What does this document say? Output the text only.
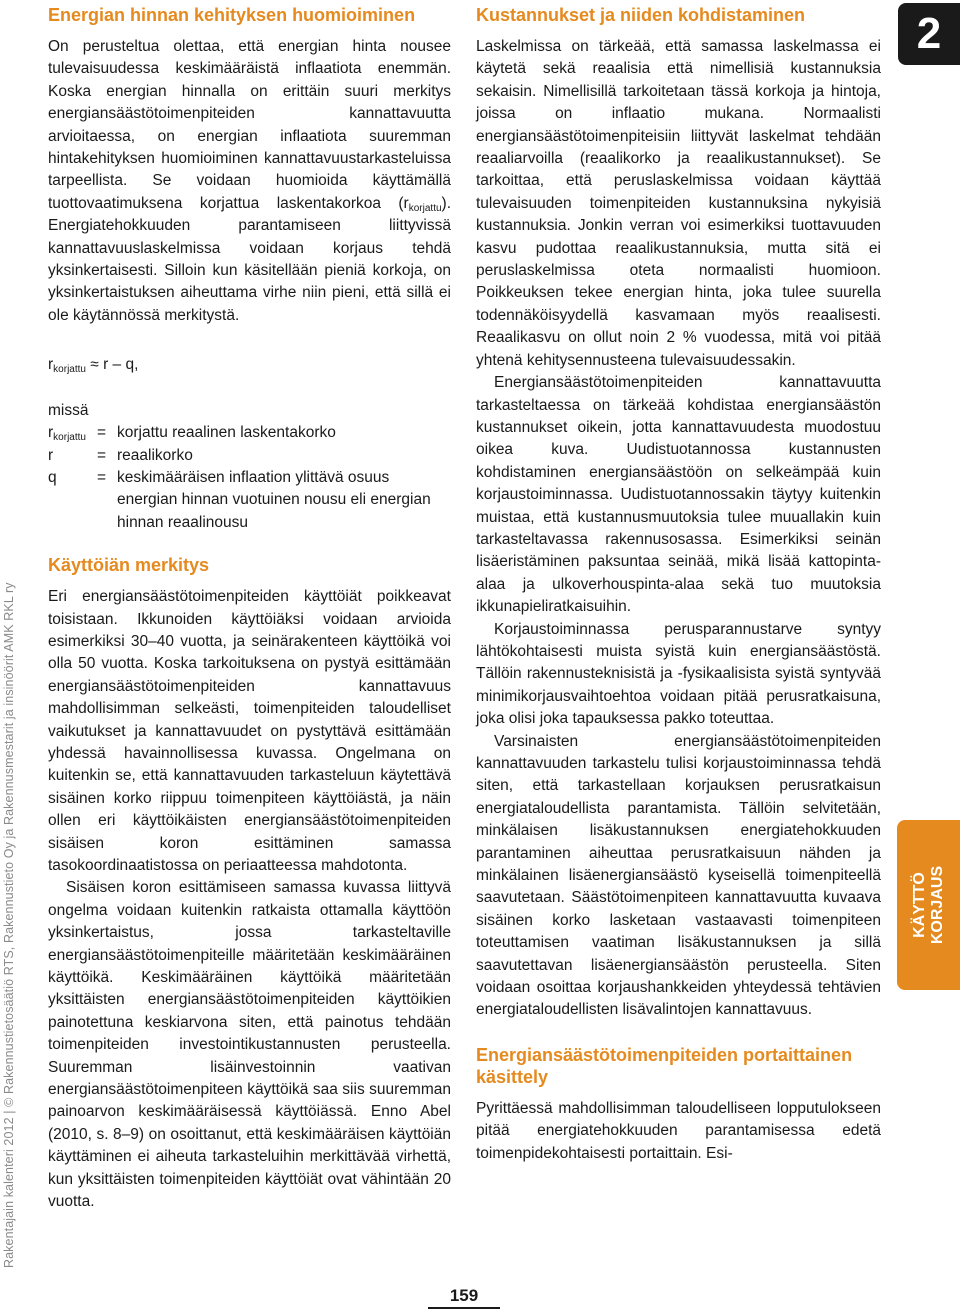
Rakentajain kalenteri 2012 | © Rakennustietosäätiö RTS, Rakennustieto Oy ja Rakennusmestarit ja insinöörit AMK RKL ry
2
KÄYTTÖ KORJAUS
Energian hinnan kehityksen huomioiminen

On perusteltua olettaa, että energian hinta nousee tulevaisuudessa keskimääräistä inflaatiota enemmän. Koska energian hinnalla on erittäin suuri merkitys energiansäästötoimenpiteiden kannattavuutta arvioitaessa, on energian inflaatiota suuremman hintakehityksen huomioiminen kannattavuustarkasteluissa tarpeellista. Se voidaan huomioida käyttämällä tuottovaatimuksena korjattua laskentakorkoa $(r_{korjattu})$. Energiatehokkuuden parantamiseen liittyvissä kannattavuuslaskelmissa voidaan korjaus tehdä yksinkertaisesti. Silloin kun käsitellään pieniä korkoja, on yksinkertaistuksen aiheuttama virhe niin pieni, että sillä ei ole käytännössä merkitystä.

$r_{korjattu} \approx r - q$,
missä
$r_{korjattu}$ = korjattu reaalinen laskentakorko
r	= reaalikorko
q	= keskimääräisen inflaation ylittävä osuus energian hinnan vuotuinen nousu eli energian hinnan reaalinousu
Käyttöiän merkitys

Eri energiansäästötoimenpiteiden käyttöiät poikkeavat toisistaan. Ikkunoiden käyttöiäksi voidaan arvioida esimerkiksi 30–40 vuotta, ja seinärakenteen käyttöikä voi olla 50 vuotta. Koska tarkoituksena on pystyä esittämään energiansäästötoimenpiteiden kannattavuus mahdollisimman selkeästi, toimenpiteiden taloudelliset vaikutukset ja kannattavuudet on pystyttävä esittämään yhdessä havainnollisessa kuvassa. Ongelmana on kuitenkin se, että kannattavuuden tarkasteluun käytettävä sisäinen korko riippuu toimenpiteen käyttöiästä, ja näin ollen eri käyttöikäisten energiansäästötoimenpiteiden sisäisen koron esittäminen samassa tasokoordinaatistossa on periaatteessa mahdotonta.

Sisäisen koron esittämiseen samassa kuvassa liittyvä ongelma voidaan kuitenkin ratkaista ottamalla käyttöön yksinkertaistus, jossa tarkasteltaville energiansäästötoimenpiteille määritetään keskimääräinen käyttöikä. Keskimääräinen käyttöikä määritetään yksittäisten energiansäästötoimenpiteiden käyttöikien painotettuna keskiarvona siten, että painotus tehdään toimenpiteiden investointikustannusten perusteella. Suuremman lisäinvestoinnin vaativan energiansäästötoimenpiteen käyttöikä saa siis suuremman painoarvon keskimääräisessä käyttöiässä. Enno Abel (2010, s. 8–9) on osoittanut, että keskimääräisen käyttöiän käyttäminen ei aiheuta tarkasteluihin merkittävää virhettä, kun yksittäisten toimenpiteiden käyttöiät ovat vähintään 20 vuotta.

Kustannukset ja niiden kohdistaminen

Laskelmissa on tärkeää, että samassa laskelmassa ei käytetä sekä reaalisia että nimellisiä kustannuksia sekaisin. Nimellisillä tarkoitetaan tässä korkoja ja hintoja, joissa on inflaatio mukana. Normaalisti energiansäästötoimenpiteisiin liittyvät laskelmat tehdään reaaliarvoilla (reaalikorko ja reaalikustannukset). Se tarkoittaa, että peruslaskelmissa voidaan käyttää tulevaisuuden toimenpiteiden kustannuksina nykyisiä kustannuksia. Jonkin verran voi esimerkiksi tuottavuuden kasvu pudottaa reaalikustannuksia, mutta sitä ei peruslaskelmissa oteta normaalisti huomioon. Poikkeuksen tekee energian hinta, joka tulee suurella todennäköisyydellä kasvamaan myös reaalisesti. Reaalikasvu on ollut noin 2 % vuodessa, mitä voi pitää yhtenä kehitysennusteena tulevaisuudessakin.

Energiansäästötoimenpiteiden kannattavuutta tarkasteltaessa on tärkeää kohdistaa energiansäästön kustannukset oikein, jotta kannattavuudesta muodostuu oikea kuva. Uudistuotannossa kustannusten kohdistaminen energiansäästöön on selkeämpää kuin korjaustoiminnassa. Uudistuotannossakin täytyy kuitenkin muistaa, että kustannusmuutoksia tulee muuallakin kuin tarkasteltavassa rakennusosassa. Esimerkiksi seinän lisäeristäminen paksuntaa seinää, mikä lisää kattopinta-alaa ja ulkoverhouspinta-alaa sekä tuo muutoksia ikkunapieliratkaisuihin.

Korjaustoiminnassa perusparannustarve syntyy lähtökohtaisesti muista syistä kuin energiansäästöstä. Tällöin rakennusteknisistä ja -fysikaalisista syistä syntyvää minimikorjausvaihtoehtoa voidaan pitää perusratkaisuna, joka olisi joka tapauksessa pakko toteuttaa.

Varsinaisten energiansäästötoimenpiteiden kannattavuuden tarkastelu tulisi korjaustoiminnassa tehdä siten, että tarkastellaan korjauksen perusratkaisun energiataloudellista parantamista. Tällöin selvitetään, minkälaisen lisäkustannuksen energiatehokkuuden parantaminen aiheuttaa perusratkaisuun nähden ja minkälainen lisäenergiansäästö kyseisellä toimenpiteellä saavutetaan. Säästötoimenpiteen kannattavuutta kuvaava sisäinen korko lasketaan vastaavasti toimenpiteen toteuttamisen vaatiman lisäkustannuksen ja sillä saavutettavan lisäenergiansäästön perusteella. Siten voidaan osoittaa korjaushankkeiden yhteydessä tehtävien energiataloudellisten lisävalintojen kannattavuus.

Energiansäästötoimenpiteiden portaittainen käsittely

Pyrittäessä mahdollisimman taloudelliseen lopputulokseen pitää energiatehokkuuden parantamisessa edetä toimenpidekohtaisesti portaittain. Esi-

159
